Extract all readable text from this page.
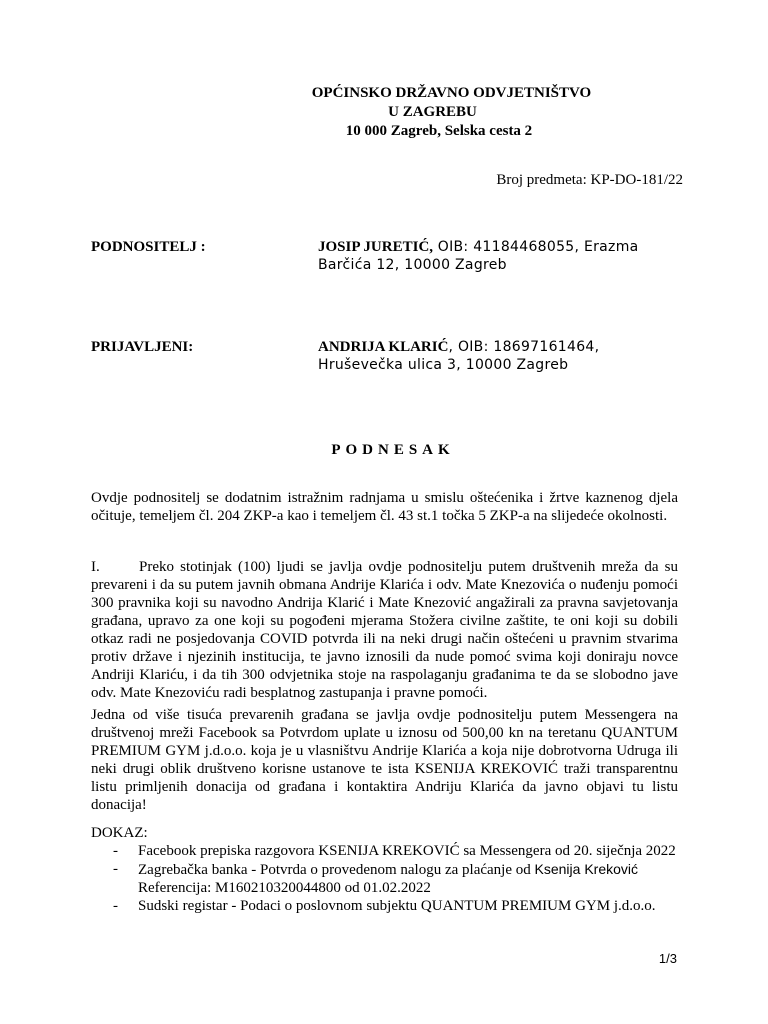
OPĆINSKO DRŽAVNO ODVJETNIŠTVO
U ZAGREBU
10 000 Zagreb, Selska cesta 2
Broj predmeta: KP-DO-181/22
PODNOSITELJ :	JOSIP JURETIĆ, OIB: 41184468055, Erazma
Barčića 12, 10000 Zagreb
PRIJAVLJENI:	ANDRIJA KLARIĆ, OIB: 18697161464,
Hruševečka ulica 3, 10000 Zagreb
PODNESAK
Ovdje podnositelj se dodatnim istražnim radnjama u smislu oštećenika i žrtve kaznenog djela očituje, temeljem čl. 204 ZKP-a kao i temeljem čl. 43 st.1 točka 5 ZKP-a na slijedeće okolnosti.
I.	Preko stotinjak (100) ljudi se javlja ovdje podnositelju putem društvenih mreža da su prevareni i da su putem javnih obmana Andrije Klarića i odv. Mate Knezovića o nuđenju pomoći 300 pravnika koji su navodno Andrija Klarić i Mate Knezović angažirali za pravna savjetovanja građana, upravo za one koji su pogođeni mjerama Stožera civilne zaštite, te oni koji su dobili otkaz radi ne posjedovanja COVID potvrda ili na neki drugi način oštećeni u pravnim stvarima protiv države i njezinih institucija, te javno iznosili da nude pomoć svima koji doniraju novce Andriji Klariću, i da tih 300 odvjetnika stoje na raspolaganju građanima te da se slobodno jave odv. Mate Knezoviću radi besplatnog zastupanja i pravne pomoći.
Jedna od više tisuća prevarenih građana se javlja ovdje podnositelju putem Messengera na društvenoj mreži Facebook sa Potvrdom uplate u iznosu od 500,00 kn na teretanu QUANTUM PREMIUM GYM j.d.o.o. koja je u vlasništvu Andrije Klarića a koja nije dobrotvorna Udruga ili neki drugi oblik društveno korisne ustanove te ista KSENIJA KREKOVIĆ traži transparentnu listu primljenih donacija od građana i kontaktira Andriju Klarića da javno objavi tu listu donacija!
DOKAZ:
- Facebook prepiska razgovora KSENIJA KREKOVIĆ sa Messengera od 20. siječnja 2022
- Zagrebačka banka - Potvrda o provedenom nalogu za plaćanje od Ksenija Kreković
Referencija: M160210320044800 od 01.02.2022
- Sudski registar - Podaci o poslovnom subjektu QUANTUM PREMIUM GYM j.d.o.o.
1/3
